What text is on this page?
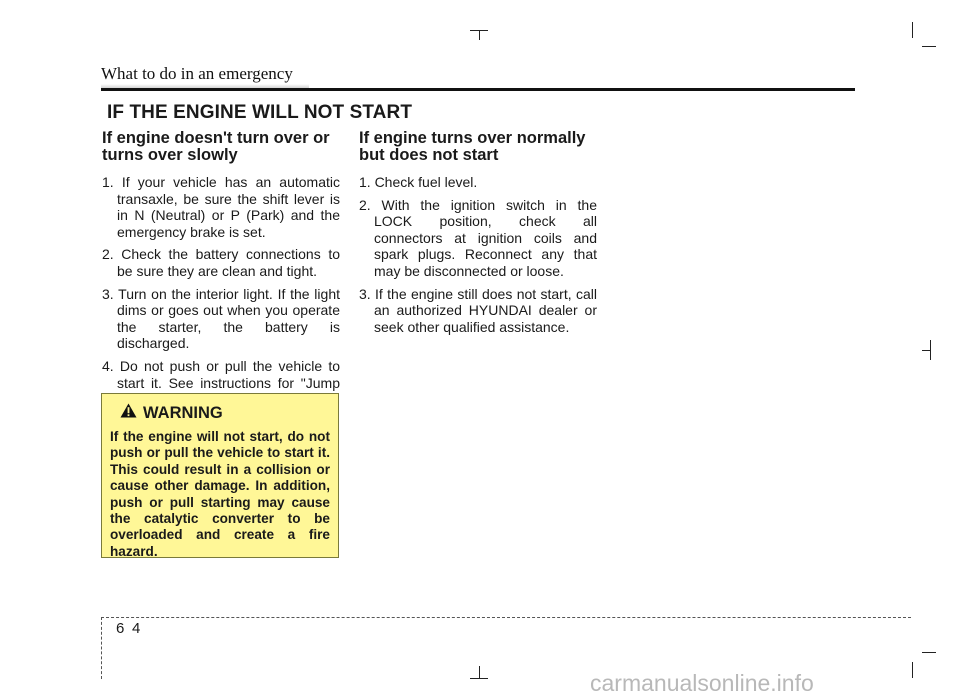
What to do in an emergency
IF THE ENGINE WILL NOT START
If engine doesn't turn over or turns over slowly
1. If your vehicle has an automatic transaxle, be sure the shift lever is in N (Neutral) or P (Park) and the emergency brake is set.
2. Check the battery connections to be sure they are clean and tight.
3. Turn on the interior light. If the light dims or goes out when you operate the starter, the battery is discharged.
4. Do not push or pull the vehicle to start it. See instructions for "Jump
If engine turns over normally but does not start
1. Check fuel level.
2. With the ignition switch in the LOCK position, check all connectors at ignition coils and spark plugs. Reconnect any that may be disconnected or loose.
3. If the engine still does not start, call an authorized HYUNDAI dealer or seek other qualified assistance.
WARNING
If the engine will not start, do not push or pull the vehicle to start it. This could result in a collision or cause other damage. In addition, push or pull starting may cause the catalytic converter to be overloaded and create a fire hazard.
6 4
carmanualsonline.info
